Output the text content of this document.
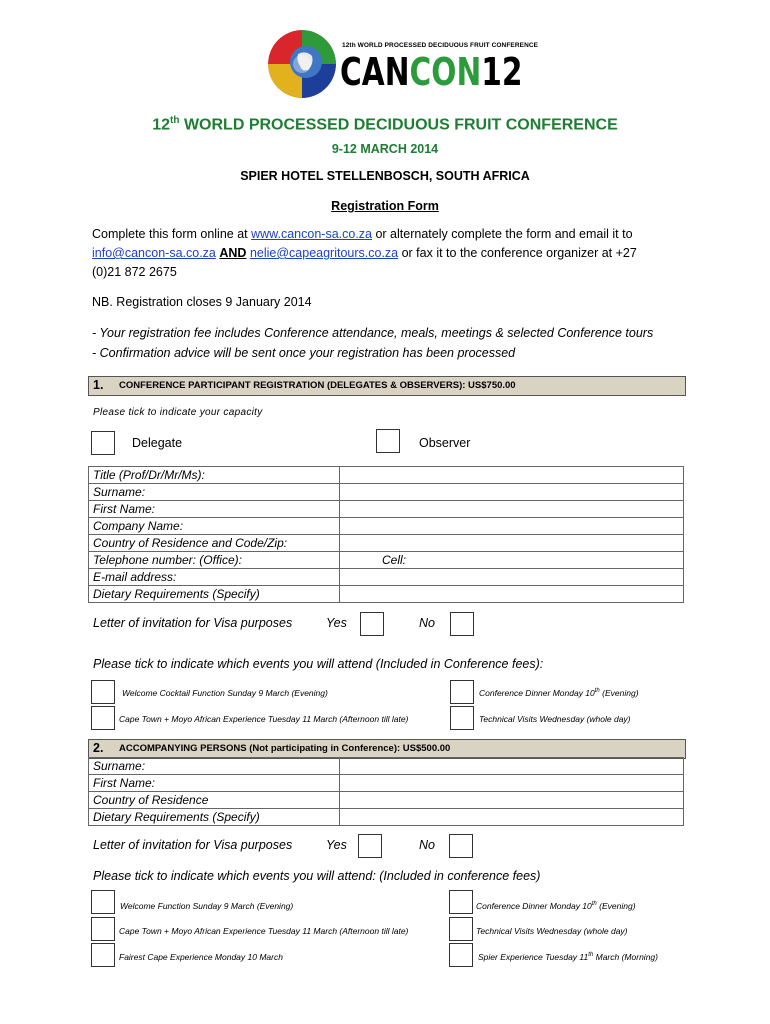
12th WORLD PROCESSED DECIDUOUS FRUIT CONFERENCE
CANCON12
12th WORLD PROCESSED DECIDUOUS FRUIT CONFERENCE
9-12 MARCH 2014
SPIER HOTEL STELLENBOSCH, SOUTH AFRICA
Registration Form
Complete this form online at www.cancon-sa.co.za or alternately complete the form and email it to
info@cancon-sa.co.za AND nelie@capeagritours.co.za or fax it to the conference organizer at +27
(0)21 872 2675
NB. Registration closes 9 January 2014
- Your registration fee includes Conference attendance, meals, meetings & selected Conference tours
- Confirmation advice will be sent once your registration has been processed
1. CONFERENCE PARTICIPANT REGISTRATION (DELEGATES & OBSERVERS): US$750.00
Please tick to indicate your capacity
Delegate	Observer
Title (Prof/Dr/Mr/Ms):	
Surname:	
First Name:	
Company Name:	
Country of Residence and Code/Zip:	
Telephone number: (Office):	Cell:
E-mail address:	
Dietary Requirements (Specify)	
Letter of invitation for Visa purposes	Yes	No
Please tick to indicate which events you will attend (Included in Conference fees):
Welcome Cocktail Function Sunday 9 March (Evening)	Conference Dinner Monday 10th (Evening)
Cape Town + Moyo African Experience Tuesday 11 March (Afternoon till late)	Technical Visits Wednesday (whole day)
2. ACCOMPANYING PERSONS (Not participating in Conference): US$500.00
Surname:	
First Name:	
Country of Residence	
Dietary Requirements (Specify)	
Letter of invitation for Visa purposes	Yes	No
Please tick to indicate which events you will attend: (Included in conference fees)
Welcome Function Sunday 9 March (Evening)	Conference Dinner Monday 10th (Evening)
Cape Town + Moyo African Experience Tuesday 11 March (Afternoon till late)	Technical Visits Wednesday (whole day)
Fairest Cape Experience Monday 10 March	Spier Experience Tuesday 11th March (Morning)
